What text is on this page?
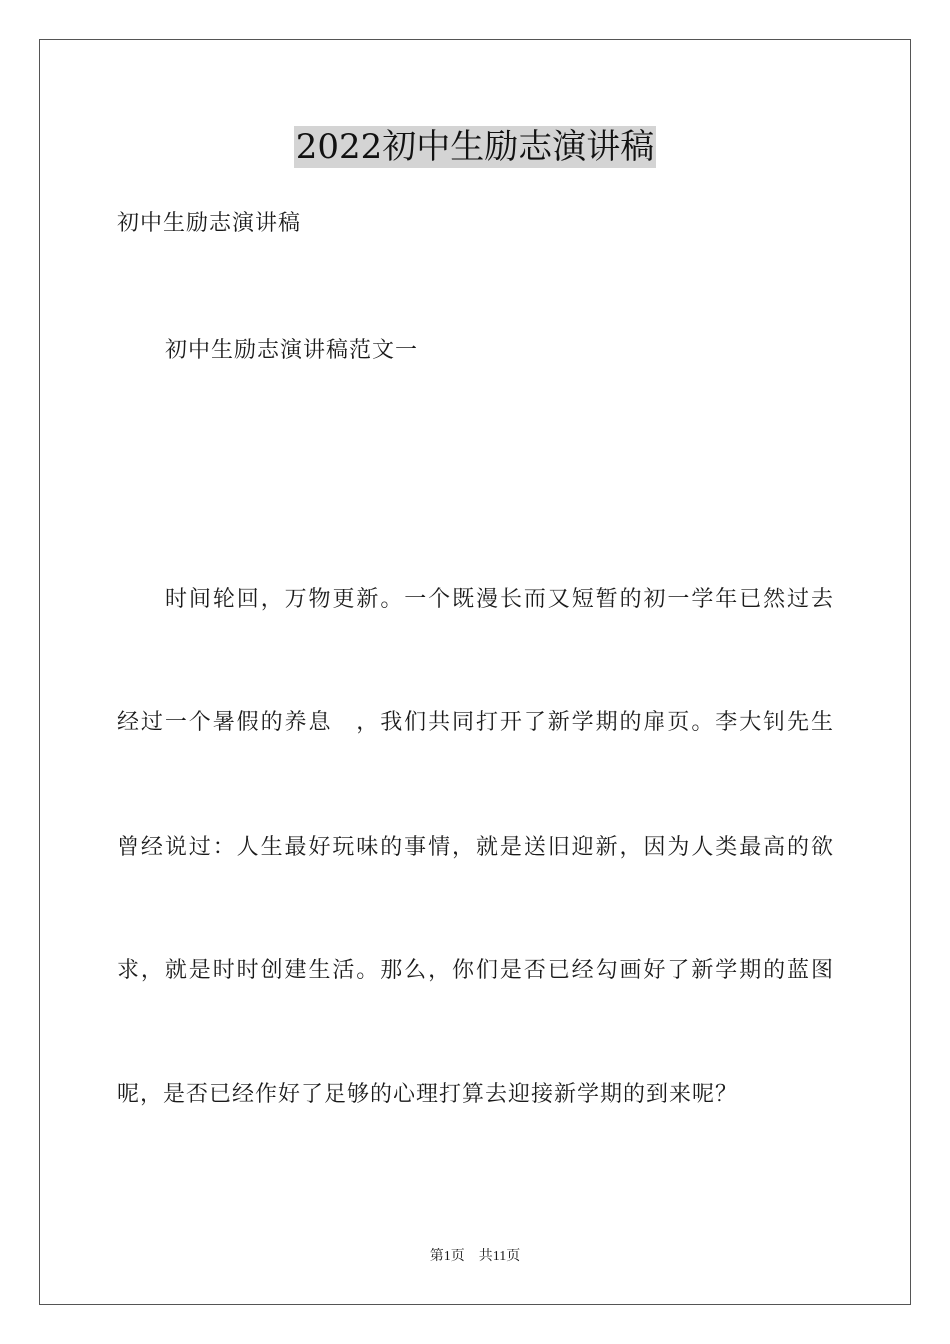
2022初中生励志演讲稿
初中生励志演讲稿
初中生励志演讲稿范文一
时间轮回，万物更新。一个既漫长而又短暂的初一学年已然过去
经过一个暑假的养息　，我们共同打开了新学期的扉页。李大钊先生
曾经说过：人生最好玩味的事情，就是送旧迎新，因为人类最高的欲
求，就是时时创建生活。那么，你们是否已经勾画好了新学期的蓝图
呢，是否已经作好了足够的心理打算去迎接新学期的到来呢？
第1页 共11页
